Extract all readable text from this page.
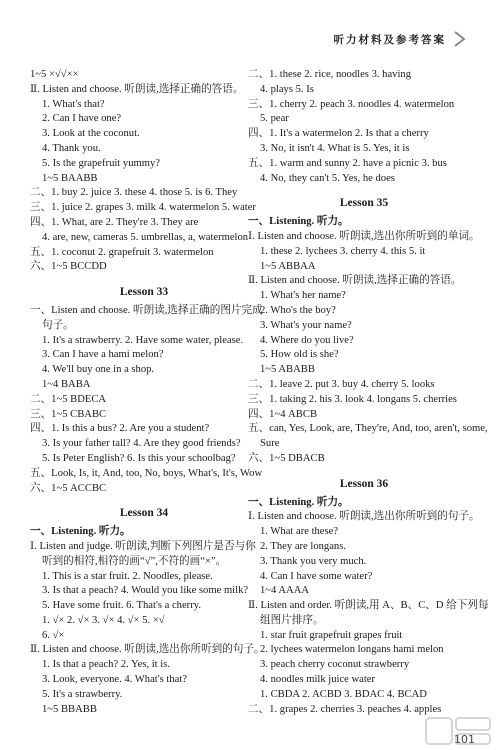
听力材料及参考答案
1~5 ×√√××
Ⅱ. Listen and choose. 听朗读,选择正确的答语。
1. What's that?
2. Can I have one?
3. Look at the coconut.
4. Thank you.
5. Is the grapefruit yummy?
1~5 BAABB
二、1. buy 2. juice 3. these 4. those 5. is 6. They
三、1. juice 2. grapes 3. milk 4. watermelon 5. water
四、1. What, are 2. They're 3. They are
4. are, new, cameras 5. umbrellas, a, watermelon
五、1. coconut 2. grapefruit 3. watermelon
六、1~5 BCCDD
Lesson 33
一、Listen and choose. 听朗读,选择正确的图片完成
句子。
1. It's a strawberry. 2. Have some water, please.
3. Can I have a hami melon?
4. We'll buy one in a shop.
1~4 BABA
二、1~5 BDECA
三、1~5 CBABC
四、1. Is this a bus? 2. Are you a student?
3. Is your father tall? 4. Are they good friends?
5. Is Peter English? 6. Is this your schoolbag?
五、Look, Is, it, And, too, No, boys, What's, It's, Wow
六、1~5 ACCBC
Lesson 34
一、Listening. 听力。
Ⅰ. Listen and judge. 听朗读,判断下列图片是否与你
听到的相符,相符的画“√”,不符的画“×”。
1. This is a star fruit. 2. Noodles, please.
3. Is that a peach? 4. Would you like some milk?
5. Have some fruit. 6. That's a cherry.
1. √× 2. √× 3. √× 4. √× 5. ×√
6. √×
Ⅱ. Listen and choose. 听朗读,选出你所听到的句子。
1. Is that a peach? 2. Yes, it is.
3. Look, everyone. 4. What's that?
5. It's a strawberry.
1~5 BBABB
二、1. these 2. rice, noodles 3. having
4. plays 5. Is
三、1. cherry 2. peach 3. noodles 4. watermelon
5. pear
四、1. It's a watermelon 2. Is that a cherry
3. No, it isn't 4. What is 5. Yes, it is
五、1. warm and sunny 2. have a picnic 3. bus
4. No, they can't 5. Yes, he does
Lesson 35
一、Listening. 听力。
Ⅰ. Listen and choose. 听朗读,选出你所听到的单词。
1. these 2. lychees 3. cherry 4. this 5. it
1~5 ABBAA
Ⅱ. Listen and choose. 听朗读,选择正确的答语。
1. What's her name?
2. Who's the boy?
3. What's your name?
4. Where do you live?
5. How old is she?
1~5 ABABB
二、1. leave 2. put 3. buy 4. cherry 5. looks
三、1. taking 2. his 3. look 4. longans 5. cherries
四、1~4 ABCB
五、can, Yes, Look, are, They're, And, too, aren't, some,
Sure
六、1~5 DBACB
Lesson 36
一、Listening. 听力。
Ⅰ. Listen and choose. 听朗读,选出你所听到的句子。
1. What are these?
2. They are longans.
3. Thank you very much.
4. Can I have some water?
1~4 AAAA
Ⅱ. Listen and order. 听朗读,用 A、B、C、D 给下列每
组图片排序。
1. star fruit grapefruit grapes fruit
2. lychees watermelon longans hami melon
3. peach cherry coconut strawberry
4. noodles milk juice water
1. CBDA 2. ACBD 3. BDAC 4. BCAD
二、1. grapes 2. cherries 3. peaches 4. apples
101
